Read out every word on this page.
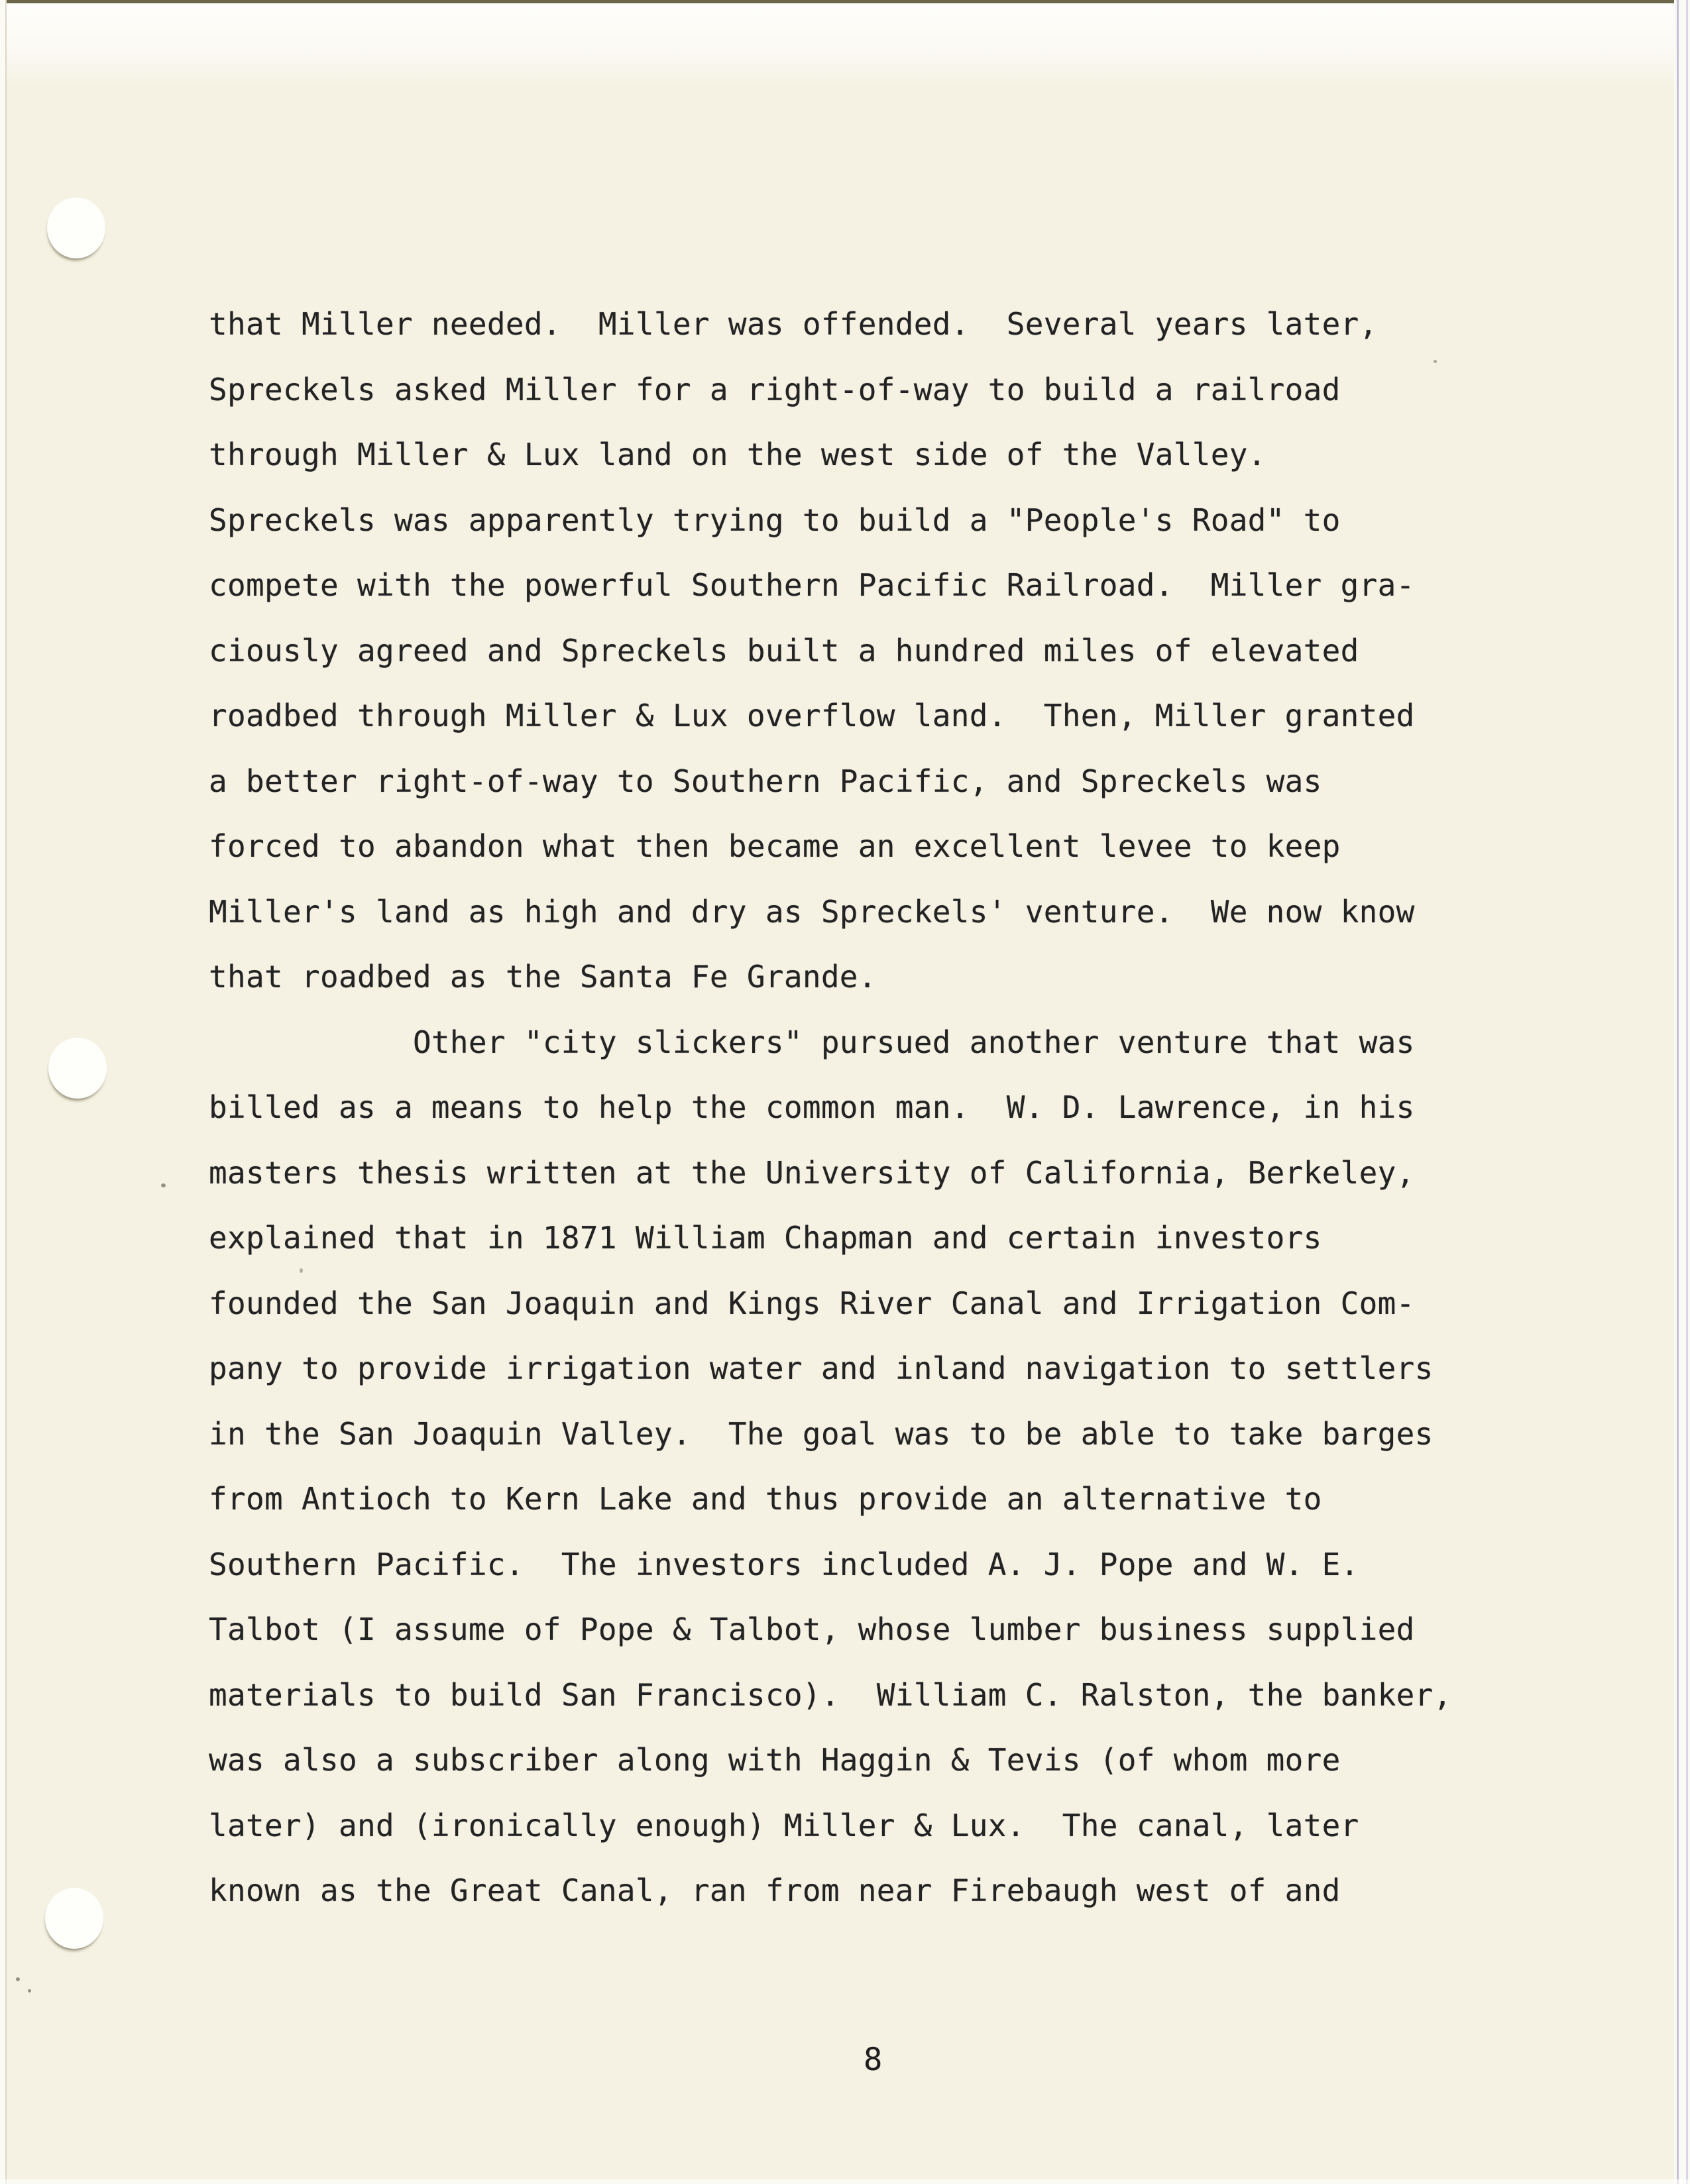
that Miller needed.  Miller was offended.  Several years later,
Spreckels asked Miller for a right-of-way to build a railroad
through Miller & Lux land on the west side of the Valley.
Spreckels was apparently trying to build a "People's Road" to
compete with the powerful Southern Pacific Railroad.  Miller gra-
ciously agreed and Spreckels built a hundred miles of elevated
roadbed through Miller & Lux overflow land.  Then, Miller granted
a better right-of-way to Southern Pacific, and Spreckels was
forced to abandon what then became an excellent levee to keep
Miller's land as high and dry as Spreckels' venture.  We now know
that roadbed as the Santa Fe Grande.
Other "city slickers" pursued another venture that was
billed as a means to help the common man.  W. D. Lawrence, in his
masters thesis written at the University of California, Berkeley,
explained that in 1871 William Chapman and certain investors
founded the San Joaquin and Kings River Canal and Irrigation Com-
pany to provide irrigation water and inland navigation to settlers
in the San Joaquin Valley.  The goal was to be able to take barges
from Antioch to Kern Lake and thus provide an alternative to
Southern Pacific.  The investors included A. J. Pope and W. E.
Talbot (I assume of Pope & Talbot, whose lumber business supplied
materials to build San Francisco).  William C. Ralston, the banker,
was also a subscriber along with Haggin & Tevis (of whom more
later) and (ironically enough) Miller & Lux.  The canal, later
known as the Great Canal, ran from near Firebaugh west of and
8
